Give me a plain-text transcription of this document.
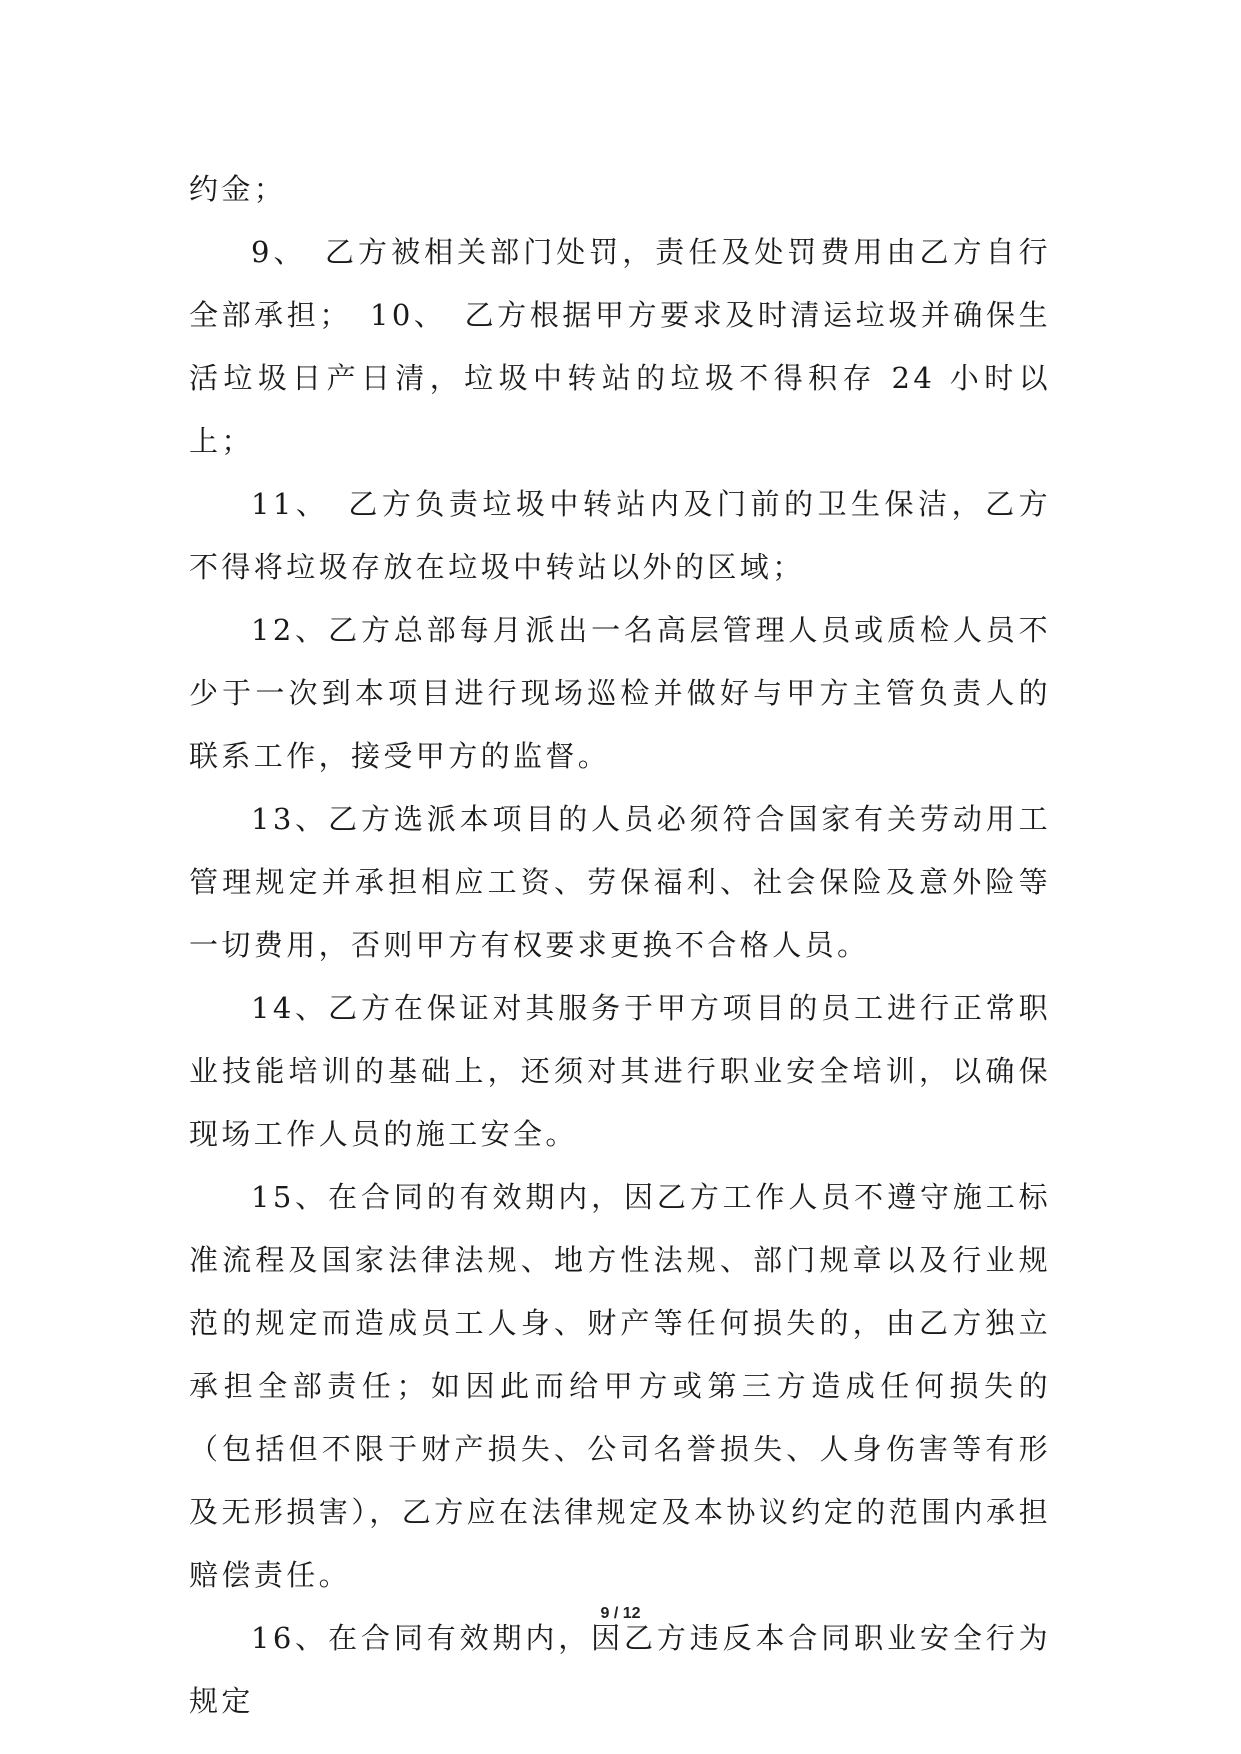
约金；

9、　乙方被相关部门处罚，责任及处罚费用由乙方自行全部承担；　10、　乙方根据甲方要求及时清运垃圾并确保生活垃圾日产日清，垃圾中转站的垃圾不得积存 24 小时以上；

11、　乙方负责垃圾中转站内及门前的卫生保洁，乙方不得将垃圾存放在垃圾中转站以外的区域；

12、乙方总部每月派出一名高层管理人员或质检人员不少于一次到本项目进行现场巡检并做好与甲方主管负责人的联系工作，接受甲方的监督。

13、乙方选派本项目的人员必须符合国家有关劳动用工管理规定并承担相应工资、劳保福利、社会保险及意外险等一切费用，否则甲方有权要求更换不合格人员。

14、乙方在保证对其服务于甲方项目的员工进行正常职业技能培训的基础上，还须对其进行职业安全培训，以确保现场工作人员的施工安全。

15、在合同的有效期内，因乙方工作人员不遵守施工标准流程及国家法律法规、地方性法规、部门规章以及行业规范的规定而造成员工人身、财产等任何损失的，由乙方独立承担全部责任；如因此而给甲方或第三方造成任何损失的（包括但不限于财产损失、公司名誉损失、人身伤害等有形及无形损害），乙方应在法律规定及本协议约定的范围内承担赔偿责任。

16、在合同有效期内，因乙方违反本合同职业安全行为规定

9 / 12
